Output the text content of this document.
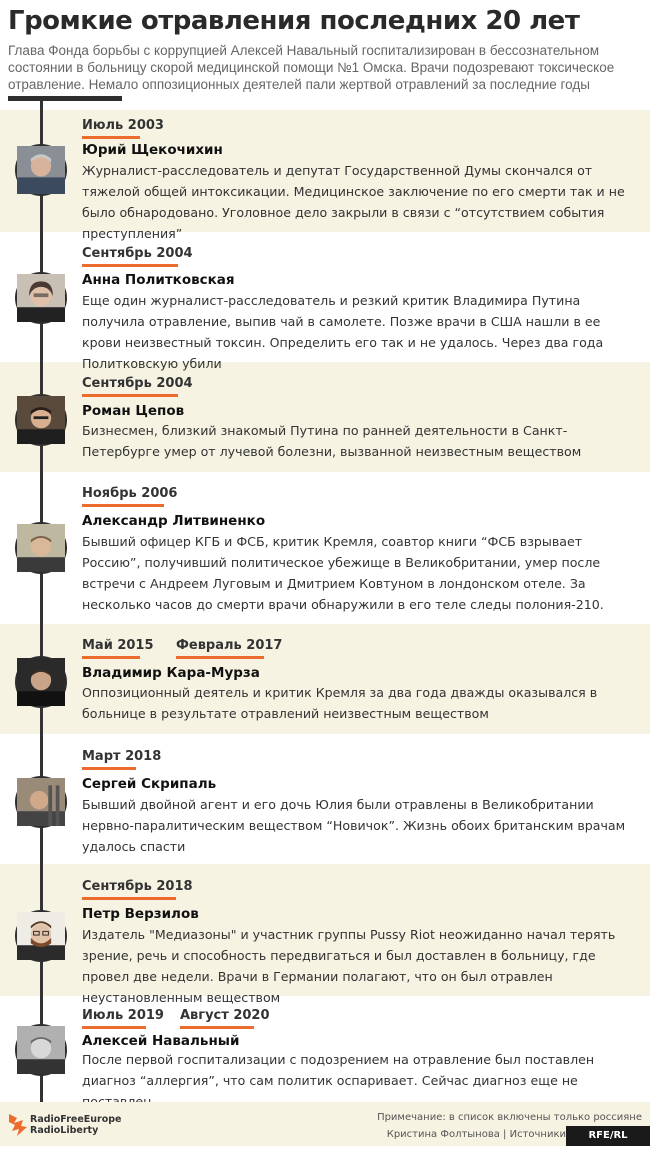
Громкие отравления последних 20 лет
Глава Фонда борьбы с коррупцией Алексей Навальный госпитализирован в бессознательном состоянии в больницу скорой медицинской помощи №1 Омска. Врачи подозревают токсическое отравление. Немало оппозиционных деятелей пали жертвой отравлений за последние годы
Июль 2003
Юрий Щекочихин
Журналист-расследователь и депутат Государственной Думы скончался от тяжелой общей интоксикации. Медицинское заключение по его смерти так и не было обнародовано. Уголовное дело закрыли в связи с “отсутствием события преступления”
Сентябрь 2004
Анна Политковская
Еще один журналист-расследователь и резкий критик Владимира Путина получила отравление, выпив чай в самолете. Позже врачи в США нашли в ее крови неизвестный токсин. Определить его так и не удалось. Через два года Политковскую убили
Сентябрь 2004
Роман Цепов
Бизнесмен, близкий знакомый Путина по ранней деятельности в Санкт-Петербурге умер от лучевой болезни, вызванной неизвестным веществом
Ноябрь 2006
Александр Литвиненко
Бывший офицер КГБ и ФСБ, критик Кремля, соавтор книги “ФСБ взрывает Россию”, получивший политическое убежище в Великобритании, умер после встречи с Андреем Луговым и Дмитрием Ковтуном в лондонском отеле. За несколько часов до смерти врачи обнаружили в его теле следы полония-210.
Май 2015 Февраль 2017
Владимир Кара-Мурза
Оппозиционный деятель и критик Кремля за два года дважды оказывался в больнице в результате отравлений неизвестным веществом
Март 2018
Сергей Скрипаль
Бывший двойной агент и его дочь Юлия были отравлены в Великобритании нервно-паралитическим веществом “Новичок”. Жизнь обоих британским врачам удалось спасти
Сентябрь 2018
Петр Верзилов
Издатель "Медиазоны" и участник группы Pussy Riot неожиданно начал терять зрение, речь и способность передвигаться и был доставлен в больницу, где провел две недели. Врачи в Германии полагают, что он был отравлен неустановленным веществом
Июль 2019 Август 2020
Алексей Навальный
После первой госпитализации с подозрением на отравление был поставлен диагноз “аллергия”, что сам политик оспаривает. Сейчас диагноз еще не
RadioFreeEurope
RadioLiberty
Примечание: в список включены только россияне
Кристина Фолтынова | Источники	RFE/RL Graphics
